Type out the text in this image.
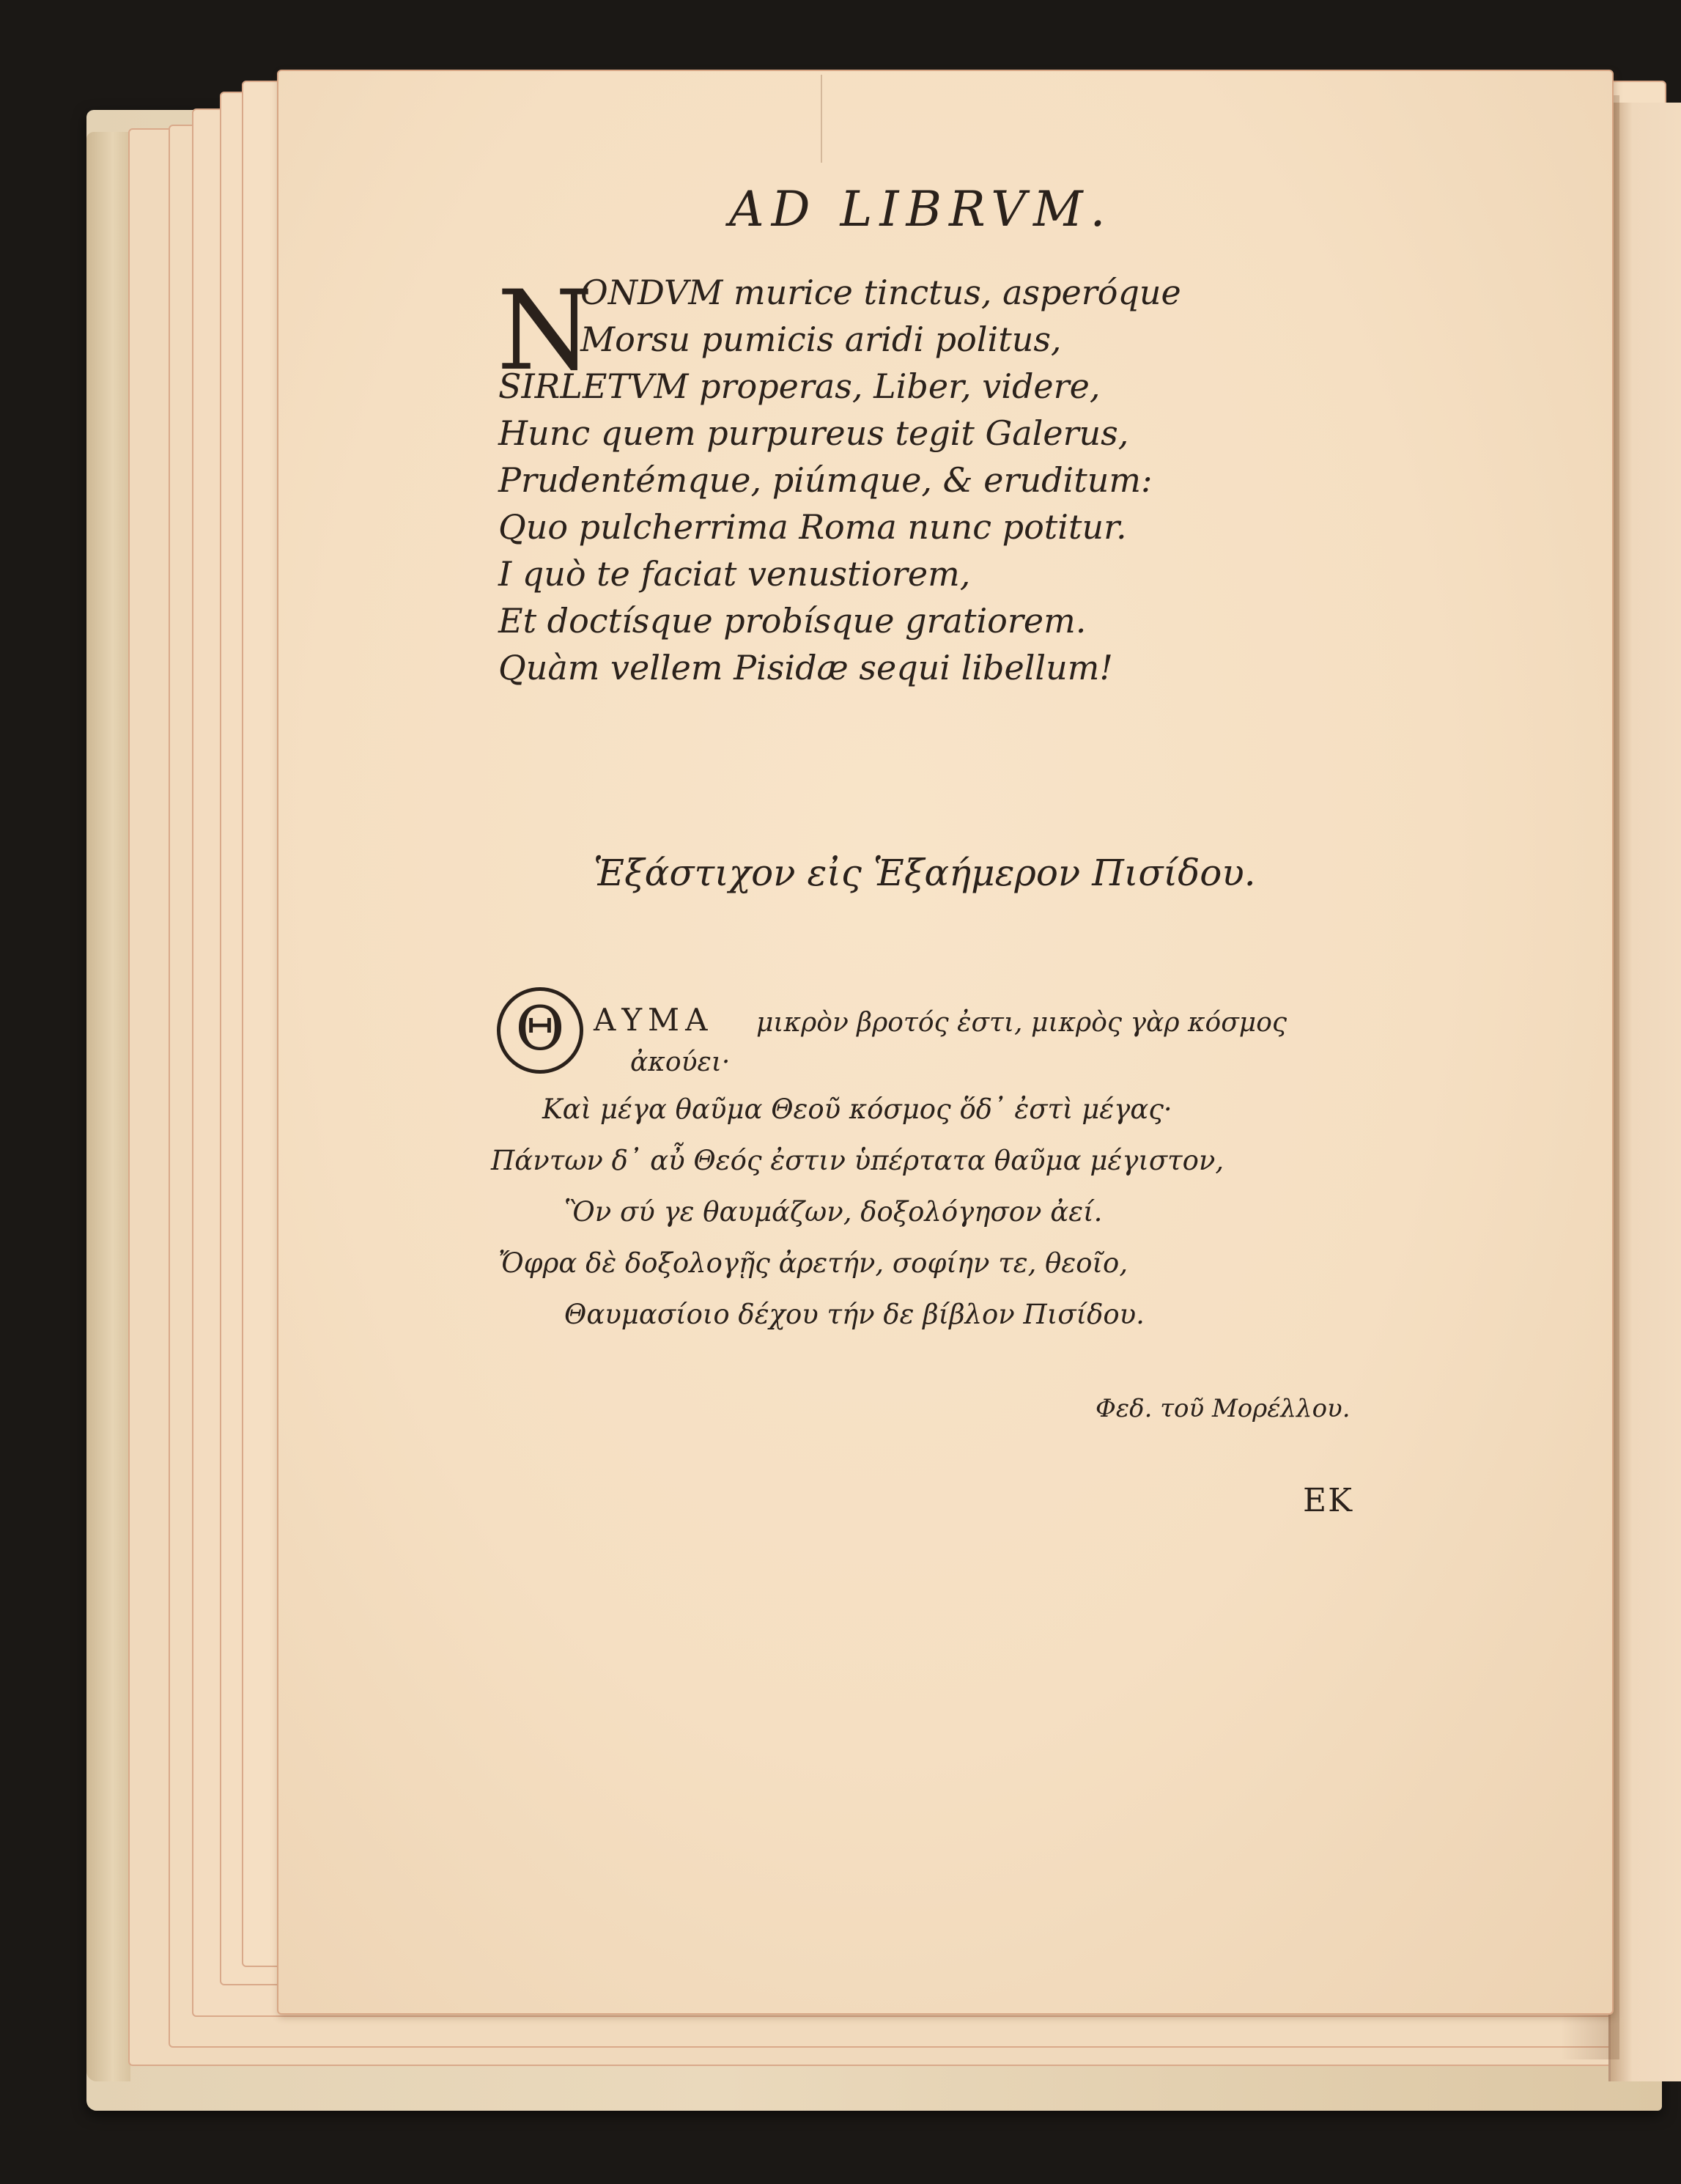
AD LIBRVM.
N
ONDVM murice tinctus, asperóque
Morsu pumicis aridi politus,
SIRLETVM properas, Liber, videre,
Hunc quem purpureus tegit Galerus,
Prudentémque, piúmque, & eruditum:
Quo pulcherrima Roma nunc potitur.
I quò te faciat venustiorem,
Et doctísque probísque gratiorem.
Quàm vellem Pisidæ sequi libellum!
Ἑξάστιχον εἰς Ἑξαήμερον Πισίδου.
Θ ΑΥΜΑ μικρὸν βροτός ἐστι, μικρὸς γὰρ κόσμος
ἀκούει·
Καὶ μέγα θαῦμα Θεοῦ κόσμος ὅδ᾽ ἐστὶ μέγας·
Πάντων δ᾽ αὖ Θεός ἐστιν ὑπέρτατα θαῦμα μέγιστον,
Ὃν σύ γε θαυμάζων, δοξολόγησον ἀεί.
Ὄφρα δὲ δοξολογῇς ἀρετήν, σοφίην τε, θεοῖο,
Θαυμασίοιο δέχου τήν δε βίβλον Πισίδου.
Φεδ. τοῦ Μορέλλου.
EK
